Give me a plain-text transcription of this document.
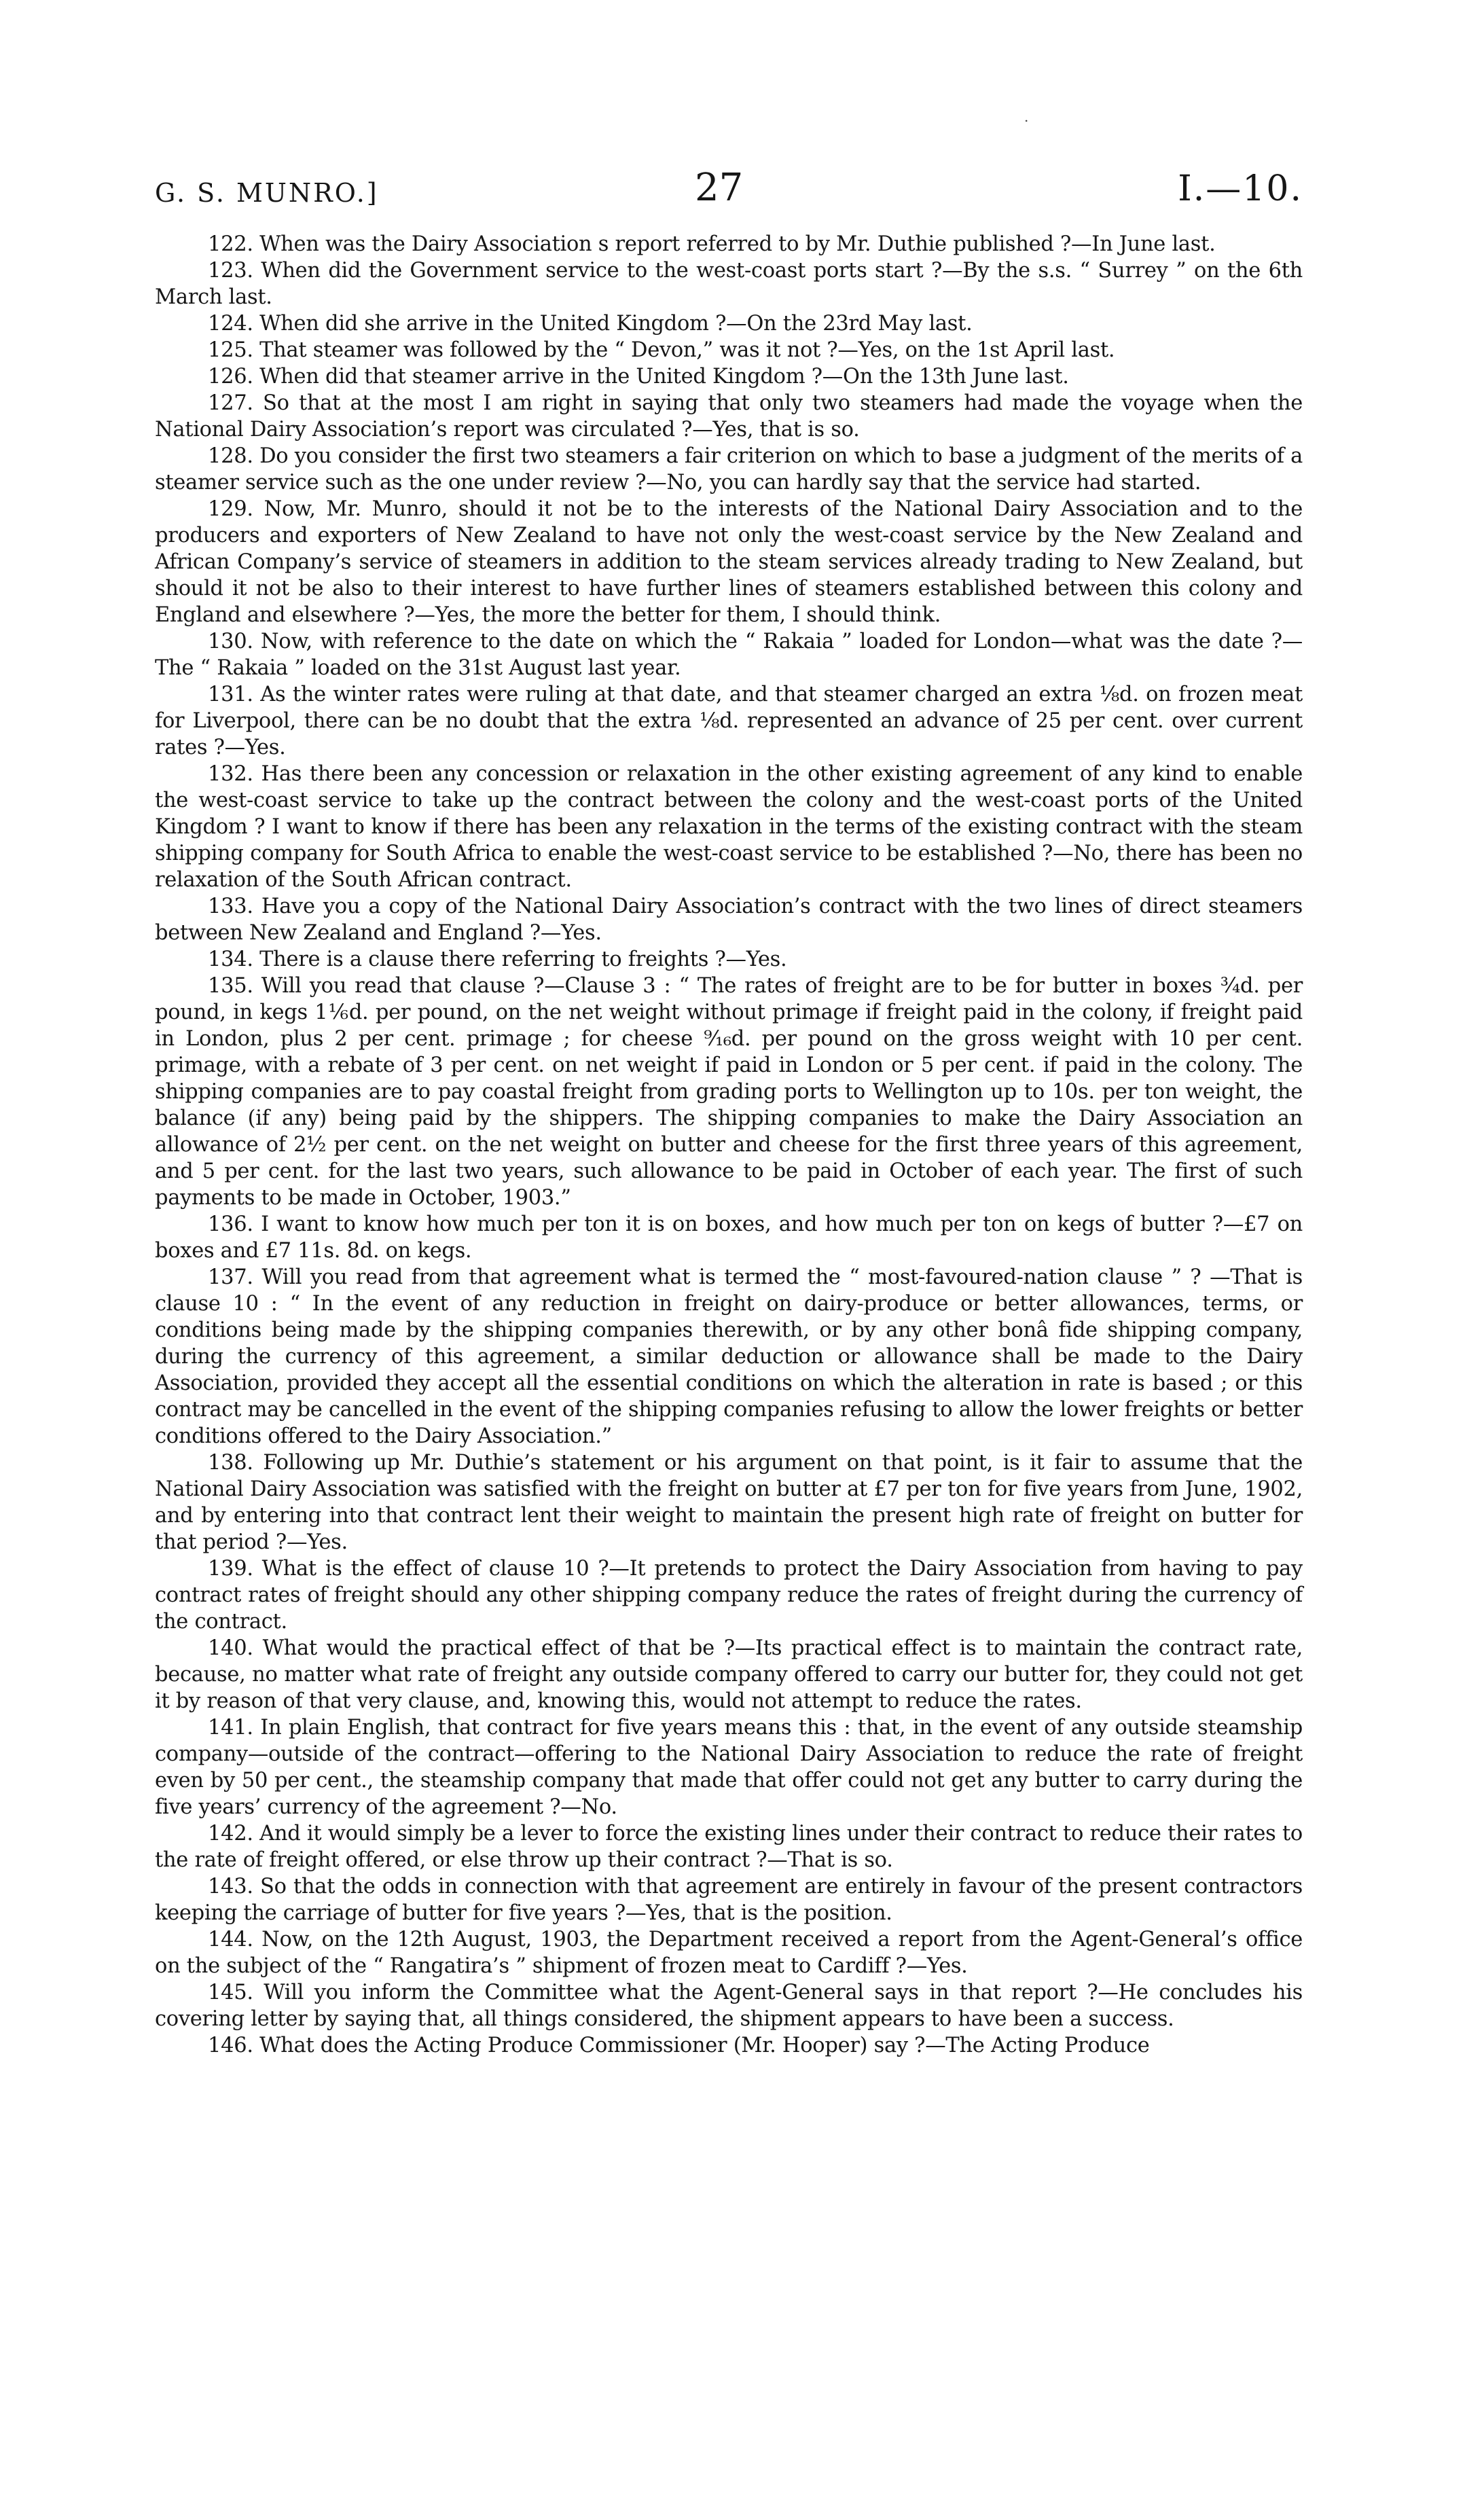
.
G. S. MUNRO.]	27	I.—10.

122. When was the Dairy Association s report referred to by Mr. Duthie published ?—In June last.

123. When did the Government service to the west-coast ports start ?—By the s.s. “ Surrey ” on the 6th March last.

124. When did she arrive in the United Kingdom ?—On the 23rd May last.

125. That steamer was followed by the “ Devon,” was it not ?—Yes, on the 1st April last.

126. When did that steamer arrive in the United Kingdom ?—On the 13th June last.

127. So that at the most I am right in saying that only two steamers had made the voyage when the National Dairy Association’s report was circulated ?—Yes, that is so.

128. Do you consider the first two steamers a fair criterion on which to base a judgment of the merits of a steamer service such as the one under review ?—No, you can hardly say that the service had started.

129. Now, Mr. Munro, should it not be to the interests of the National Dairy Association and to the producers and exporters of New Zealand to have not only the west-coast service by the New Zealand and African Company’s service of steamers in addition to the steam services already trading to New Zealand, but should it not be also to their interest to have further lines of steamers established between this colony and England and elsewhere ?—Yes, the more the better for them, I should think.

130. Now, with reference to the date on which the “ Rakaia ” loaded for London—what was the date ?—The “ Rakaia ” loaded on the 31st August last year.

131. As the winter rates were ruling at that date, and that steamer charged an extra ⅛d. on frozen meat for Liverpool, there can be no doubt that the extra ⅛d. represented an advance of 25 per cent. over current rates ?—Yes.

132. Has there been any concession or relaxation in the other existing agreement of any kind to enable the west-coast service to take up the contract between the colony and the west-coast ports of the United Kingdom ? I want to know if there has been any relaxation in the terms of the existing contract with the steam shipping company for South Africa to enable the west-coast service to be established ?—No, there has been no relaxation of the South African contract.

133. Have you a copy of the National Dairy Association’s contract with the two lines of direct steamers between New Zealand and England ?—Yes.

134. There is a clause there referring to freights ?—Yes.

135. Will you read that clause ?—Clause 3 : “ The rates of freight are to be for butter in boxes ¾d. per pound, in kegs 1⅙d. per pound, on the net weight without primage if freight paid in the colony, if freight paid in London, plus 2 per cent. primage ; for cheese ⁹⁄₁₆d. per pound on the gross weight with 10 per cent. primage, with a rebate of 3 per cent. on net weight if paid in London or 5 per cent. if paid in the colony. The shipping companies are to pay coastal freight from grading ports to Wellington up to 10s. per ton weight, the balance (if any) being paid by the shippers. The shipping companies to make the Dairy Association an allowance of 2½ per cent. on the net weight on butter and cheese for the first three years of this agreement, and 5 per cent. for the last two years, such allowance to be paid in October of each year. The first of such payments to be made in October, 1903.”

136. I want to know how much per ton it is on boxes, and how much per ton on kegs of butter ?—£7 on boxes and £7 11s. 8d. on kegs.

137. Will you read from that agreement what is termed the “ most-favoured-nation clause ” ? —That is clause 10 : “ In the event of any reduction in freight on dairy-produce or better allowances, terms, or conditions being made by the shipping companies therewith, or by any other bonâ fide shipping company, during the currency of this agreement, a similar deduction or allowance shall be made to the Dairy Association, provided they accept all the essential conditions on which the alteration in rate is based ; or this contract may be cancelled in the event of the shipping companies refusing to allow the lower freights or better conditions offered to the Dairy Association.”

138. Following up Mr. Duthie’s statement or his argument on that point, is it fair to assume that the National Dairy Association was satisfied with the freight on butter at £7 per ton for five years from June, 1902, and by entering into that contract lent their weight to maintain the present high rate of freight on butter for that period ?—Yes.

139. What is the effect of clause 10 ?—It pretends to protect the Dairy Association from having to pay contract rates of freight should any other shipping company reduce the rates of freight during the currency of the contract.

140. What would the practical effect of that be ?—Its practical effect is to maintain the contract rate, because, no matter what rate of freight any outside company offered to carry our butter for, they could not get it by reason of that very clause, and, knowing this, would not attempt to reduce the rates.

141. In plain English, that contract for five years means this : that, in the event of any outside steamship company—outside of the contract—offering to the National Dairy Association to reduce the rate of freight even by 50 per cent., the steamship company that made that offer could not get any butter to carry during the five years’ currency of the agreement ?—No.

142. And it would simply be a lever to force the existing lines under their contract to reduce their rates to the rate of freight offered, or else throw up their contract ?—That is so.

143. So that the odds in connection with that agreement are entirely in favour of the present contractors keeping the carriage of butter for five years ?—Yes, that is the position.

144. Now, on the 12th August, 1903, the Department received a report from the Agent-General’s office on the subject of the “ Rangatira’s ” shipment of frozen meat to Cardiff ?—Yes.

145. Will you inform the Committee what the Agent-General says in that report ?—He concludes his covering letter by saying that, all things considered, the shipment appears to have been a success.

146. What does the Acting Produce Commissioner (Mr. Hooper) say ?—The Acting Produce
